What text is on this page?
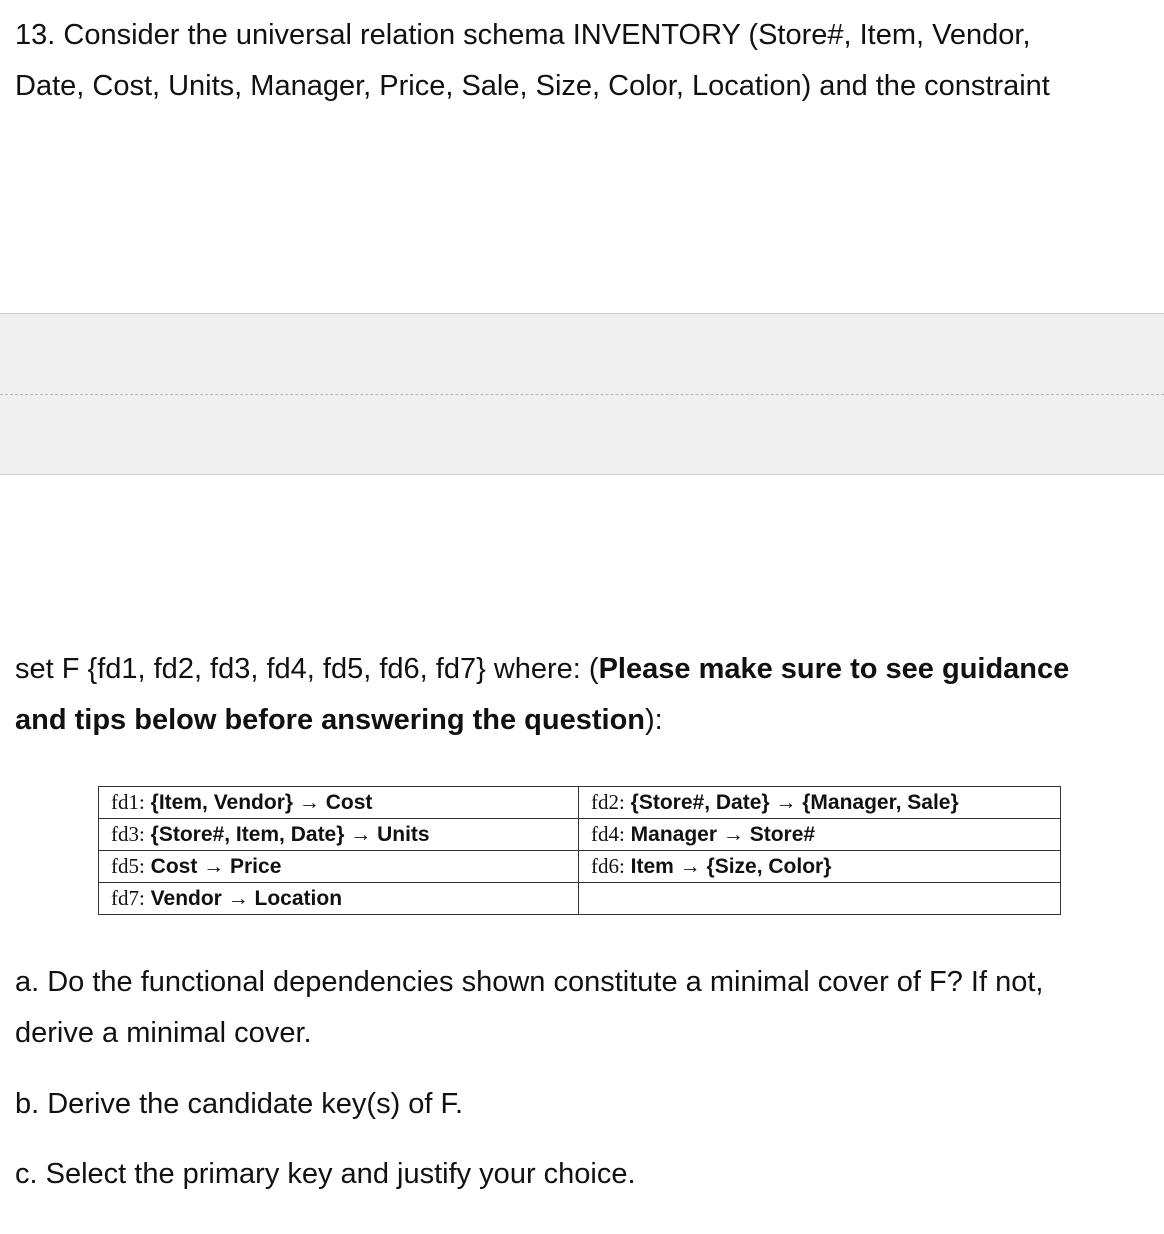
13. Consider the universal relation schema INVENTORY (Store#, Item, Vendor,
Date, Cost, Units, Manager, Price, Sale, Size, Color, Location) and the constraint

set F {fd1, fd2, fd3, fd4, fd5, fd6, fd7} where: (Please make sure to see guidance
and tips below before answering the question):

fd1: {Item, Vendor} → Cost	fd2: {Store#, Date} → {Manager, Sale}
fd3: {Store#, Item, Date} → Units	fd4: Manager → Store#
fd5: Cost → Price	fd6: Item → {Size, Color}
fd7: Vendor → Location	

a. Do the functional dependencies shown constitute a minimal cover of F? If not,
derive a minimal cover.

b. Derive the candidate key(s) of F.

c. Select the primary key and justify your choice.
